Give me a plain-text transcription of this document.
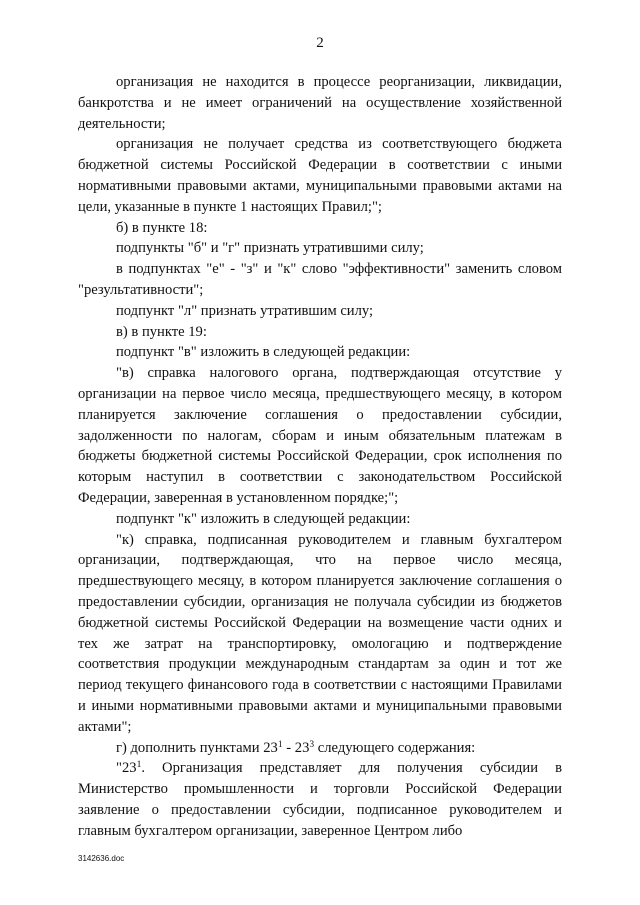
2

организация не находится в процессе реорганизации, ликвидации, банкротства и не имеет ограничений на осуществление хозяйственной деятельности;

организация не получает средства из соответствующего бюджета бюджетной системы Российской Федерации в соответствии с иными нормативными правовыми актами, муниципальными правовыми актами на цели, указанные в пункте 1 настоящих Правил;";

б) в пункте 18:

подпункты "б" и "г" признать утратившими силу;

в подпунктах "е" - "з" и "к" слово "эффективности" заменить словом "результативности";

подпункт "л" признать утратившим силу;

в) в пункте 19:

подпункт "в" изложить в следующей редакции:

"в) справка налогового органа, подтверждающая отсутствие у организации на первое число месяца, предшествующего месяцу, в котором планируется заключение соглашения о предоставлении субсидии, задолженности по налогам, сборам и иным обязательным платежам в бюджеты бюджетной системы Российской Федерации, срок исполнения по которым наступил в соответствии с законодательством Российской Федерации, заверенная в установленном порядке;";

подпункт "к" изложить в следующей редакции:

"к) справка, подписанная руководителем и главным бухгалтером организации, подтверждающая, что на первое число месяца, предшествующего месяцу, в котором планируется заключение соглашения о предоставлении субсидии, организация не получала субсидии из бюджетов бюджетной системы Российской Федерации на возмещение части одних и тех же затрат на транспортировку, омологацию и подтверждение соответствия продукции международным стандартам за один и тот же период текущего финансового года в соответствии с настоящими Правилами и иными нормативными правовыми актами и муниципальными правовыми актами";

г) дополнить пунктами $23^1 - 23^3$ следующего содержания:

"$23^1$. Организация представляет для получения субсидии в Министерство промышленности и торговли Российской Федерации заявление о предоставлении субсидии, подписанное руководителем и главным бухгалтером организации, заверенное Центром либо

3142636.doc
